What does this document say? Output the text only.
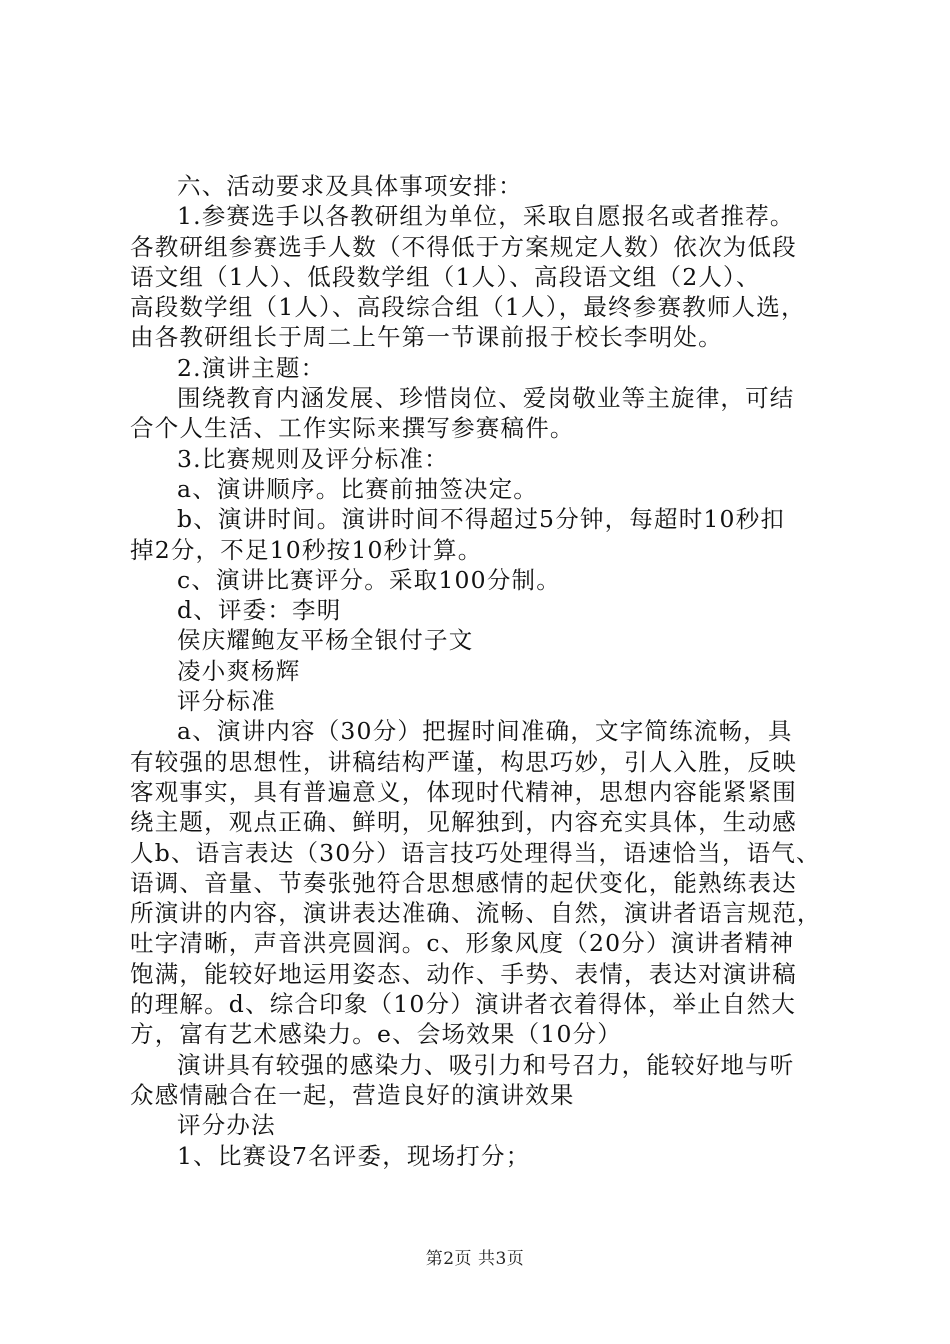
六、活动要求及具体事项安排：
1.参赛选手以各教研组为单位，采取自愿报名或者推荐。
各教研组参赛选手人数（不得低于方案规定人数）依次为低段
语文组（1人）、低段数学组（1人）、高段语文组（2人）、
高段数学组（1人）、高段综合组（1人），最终参赛教师人选，
由各教研组长于周二上午第一节课前报于校长李明处。
2.演讲主题：
围绕教育内涵发展、珍惜岗位、爱岗敬业等主旋律，可结
合个人生活、工作实际来撰写参赛稿件。
3.比赛规则及评分标准：
a、演讲顺序。比赛前抽签决定。
b、演讲时间。演讲时间不得超过5分钟，每超时10秒扣
掉2分，不足10秒按10秒计算。
c、演讲比赛评分。采取100分制。
d、评委：李明
侯庆耀鲍友平杨全银付子文
凌小爽杨辉
评分标准
a、演讲内容（30分）把握时间准确，文字简练流畅，具
有较强的思想性，讲稿结构严谨，构思巧妙，引人入胜，反映
客观事实，具有普遍意义，体现时代精神，思想内容能紧紧围
绕主题，观点正确、鲜明，见解独到，内容充实具体，生动感
人b、语言表达（30分）语言技巧处理得当，语速恰当，语气、
语调、音量、节奏张弛符合思想感情的起伏变化，能熟练表达
所演讲的内容，演讲表达准确、流畅、自然，演讲者语言规范，
吐字清晰，声音洪亮圆润。c、形象风度（20分）演讲者精神
饱满，能较好地运用姿态、动作、手势、表情，表达对演讲稿
的理解。d、综合印象（10分）演讲者衣着得体，举止自然大
方，富有艺术感染力。e、会场效果（10分）
演讲具有较强的感染力、吸引力和号召力，能较好地与听
众感情融合在一起，营造良好的演讲效果
评分办法
1、比赛设7名评委，现场打分；
第2页 共3页
